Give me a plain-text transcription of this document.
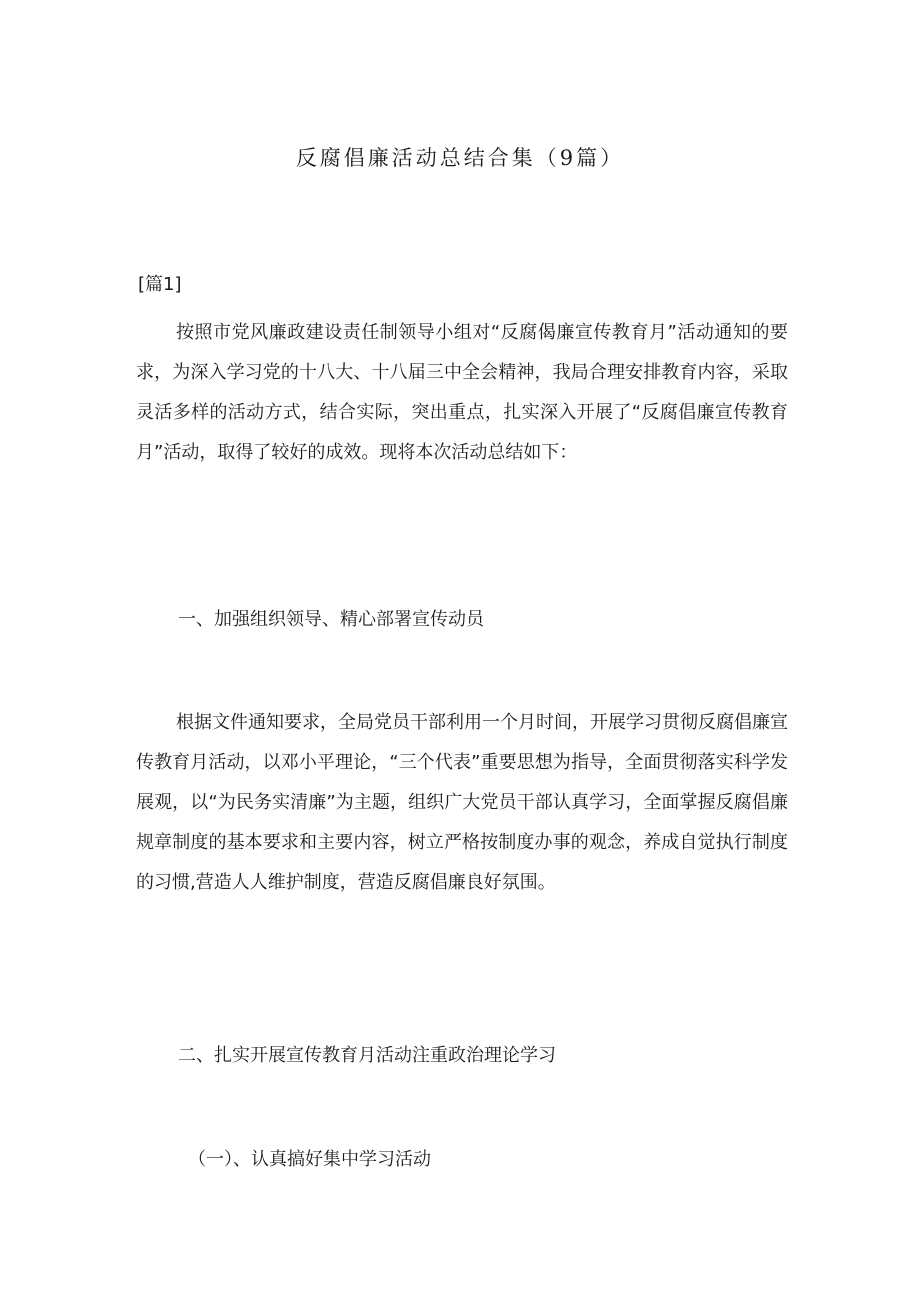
反腐倡廉活动总结合集（9篇）
[篇1]

按照市党风廉政建设责任制领导小组对“反腐偈廉宣传教育月”活动通知的要求，为深入学习党的十八大、十八届三中全会精神，我局合理安排教育内容，采取灵活多样的活动方式，结合实际，突出重点，扎实深入开展了“反腐倡廉宣传教育月”活动，取得了较好的成效。现将本次活动总结如下：

一、加强组织领导、精心部署宣传动员

根据文件通知要求，全局党员干部利用一个月时间，开展学习贯彻反腐倡廉宣传教育月活动，以邓小平理论，“三个代表”重要思想为指导，全面贯彻落实科学发展观，以“为民务实清廉”为主题，组织广大党员干部认真学习，全面掌握反腐倡廉规章制度的基本要求和主要内容，树立严格按制度办事的观念，养成自觉执行制度的习惯,营造人人维护制度，营造反腐倡廉良好氛围。

二、扎实开展宣传教育月活动注重政治理论学习
（一）、认真搞好集中学习活动
